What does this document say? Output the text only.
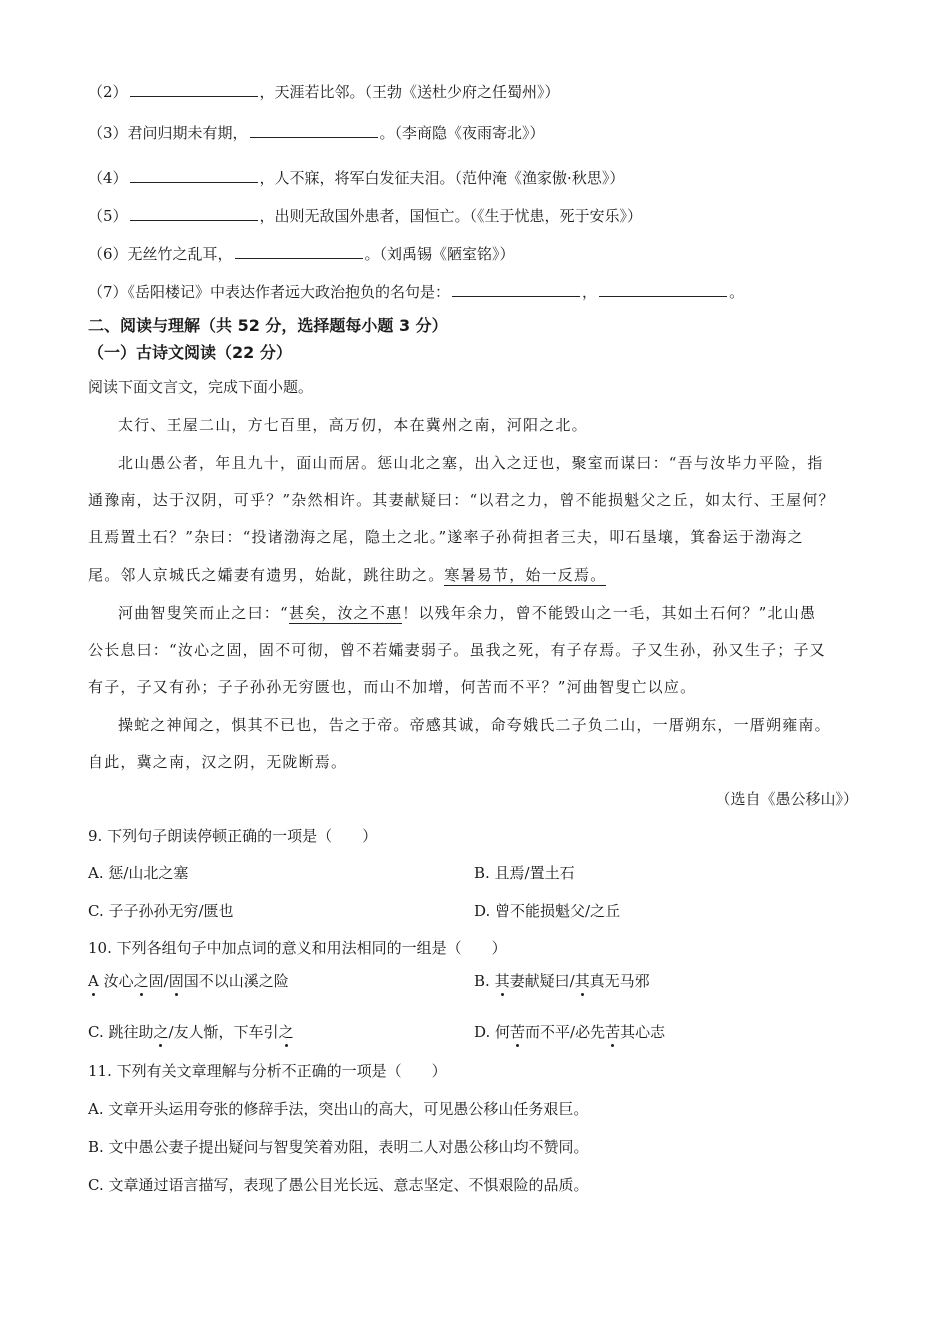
（2）	，天涯若比邻。（王勃《送杜少府之任蜀州》）
（3）君问归期未有期，	。（李商隐《夜雨寄北》）
（4）	，人不寐，将军白发征夫泪。（范仲淹《渔家傲·秋思》）
（5）	，出则无敌国外患者，国恒亡。（《生于忧患，死于安乐》）
（6）无丝竹之乱耳，	。（刘禹锡《陋室铭》）
（7）《岳阳楼记》中表达作者远大政治抱负的名句是：	，	。
二、阅读与理解（共 52 分，选择题每小题 3 分）
（一）古诗文阅读（22 分）
阅读下面文言文，完成下面小题。
太行、王屋二山，方七百里，高万仞，本在冀州之南，河阳之北。
北山愚公者，年且九十，面山而居。惩山北之塞，出入之迂也，聚室而谋曰：“吾与汝毕力平险，指
通豫南，达于汉阴，可乎？”杂然相许。其妻献疑曰：“以君之力，曾不能损魁父之丘，如太行、王屋何？
且焉置土石？”杂曰：“投诸渤海之尾，隐土之北。”遂率子孙荷担者三夫，叩石垦壤，箕畚运于渤海之
尾。邻人京城氏之孀妻有遗男，始龀，跳往助之。寒暑易节，始一反焉。
河曲智叟笑而止之曰：“甚矣，汝之不惠！以残年余力，曾不能毁山之一毛，其如土石何？”北山愚
公长息曰：“汝心之固，固不可彻，曾不若孀妻弱子。虽我之死，有子存焉。子又生孙，孙又生子；子又
有子，子又有孙；子子孙孙无穷匮也，而山不加增，何苦而不平？”河曲智叟亡以应。
操蛇之神闻之，惧其不已也，告之于帝。帝感其诚，命夸娥氏二子负二山，一厝朔东，一厝朔雍南。
自此，冀之南，汉之阴，无陇断焉。
（选自《愚公移山》）
9. 下列句子朗读停顿正确的一项是（　　）
A. 惩/山北之塞	B. 且焉/置土石
C. 子子孙孙无穷/匮也	D. 曾不能损魁父/之丘
10. 下列各组句子中加点词的意义和用法相同的一组是（　　）
A 汝心之固/固国不以山溪之险	B. 其妻献疑曰/其真无马邪
C. 跳往助之/友人惭，下车引之	D. 何苦而不平/必先苦其心志
11. 下列有关文章理解与分析不正确的一项是（　　）
A. 文章开头运用夸张的修辞手法，突出山的高大，可见愚公移山任务艰巨。
B. 文中愚公妻子提出疑问与智叟笑着劝阻，表明二人对愚公移山均不赞同。
C. 文章通过语言描写，表现了愚公目光长远、意志坚定、不惧艰险的品质。
